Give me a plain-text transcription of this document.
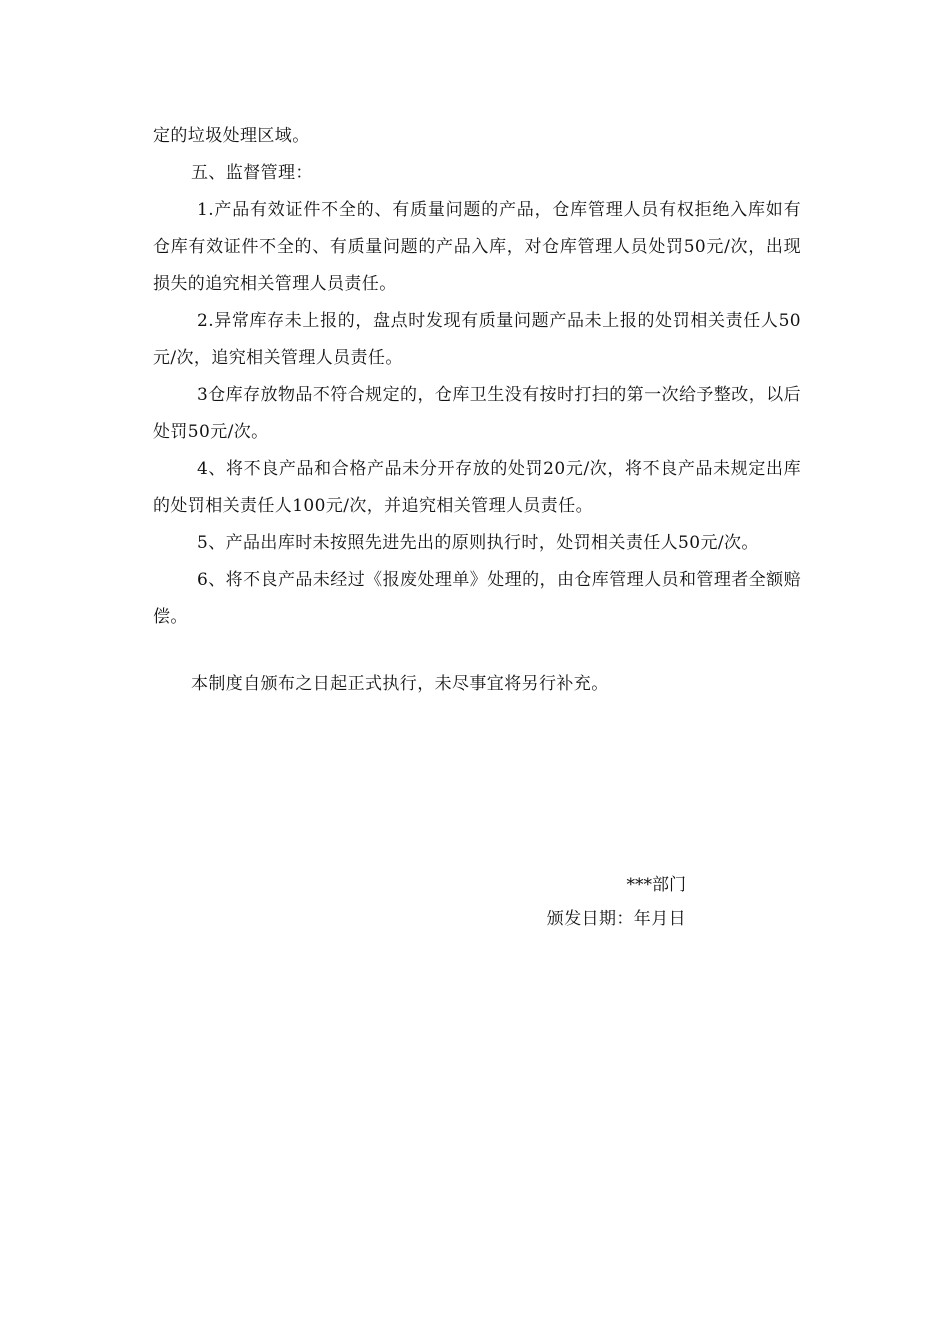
定的垃圾处理区域。

五、监督管理：

1.产品有效证件不全的、有质量问题的产品，仓库管理人员有权拒绝入库如有仓库有效证件不全的、有质量问题的产品入库，对仓库管理人员处罚50元/次，出现损失的追究相关管理人员责任。

2.异常库存未上报的，盘点时发现有质量问题产品未上报的处罚相关责任人50元/次，追究相关管理人员责任。

3仓库存放物品不符合规定的，仓库卫生没有按时打扫的第一次给予整改，以后处罚50元/次。

4、将不良产品和合格产品未分开存放的处罚20元/次，将不良产品未规定出库的处罚相关责任人100元/次，并追究相关管理人员责任。

5、产品出库时未按照先进先出的原则执行时，处罚相关责任人50元/次。

6、将不良产品未经过《报废处理单》处理的，由仓库管理人员和管理者全额赔偿。

本制度自颁布之日起正式执行，未尽事宜将另行补充。

***部门
颁发日期：年月日
